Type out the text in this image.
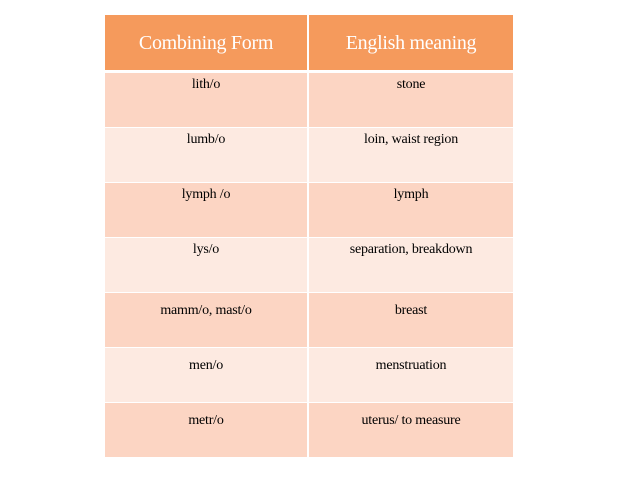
Combining Form	English meaning
lith/o	stone
lumb/o	loin, waist region
lymph /o	lymph
lys/o	separation, breakdown
mamm/o, mast/o	breast
men/o	menstruation
metr/o	uterus/ to measure
